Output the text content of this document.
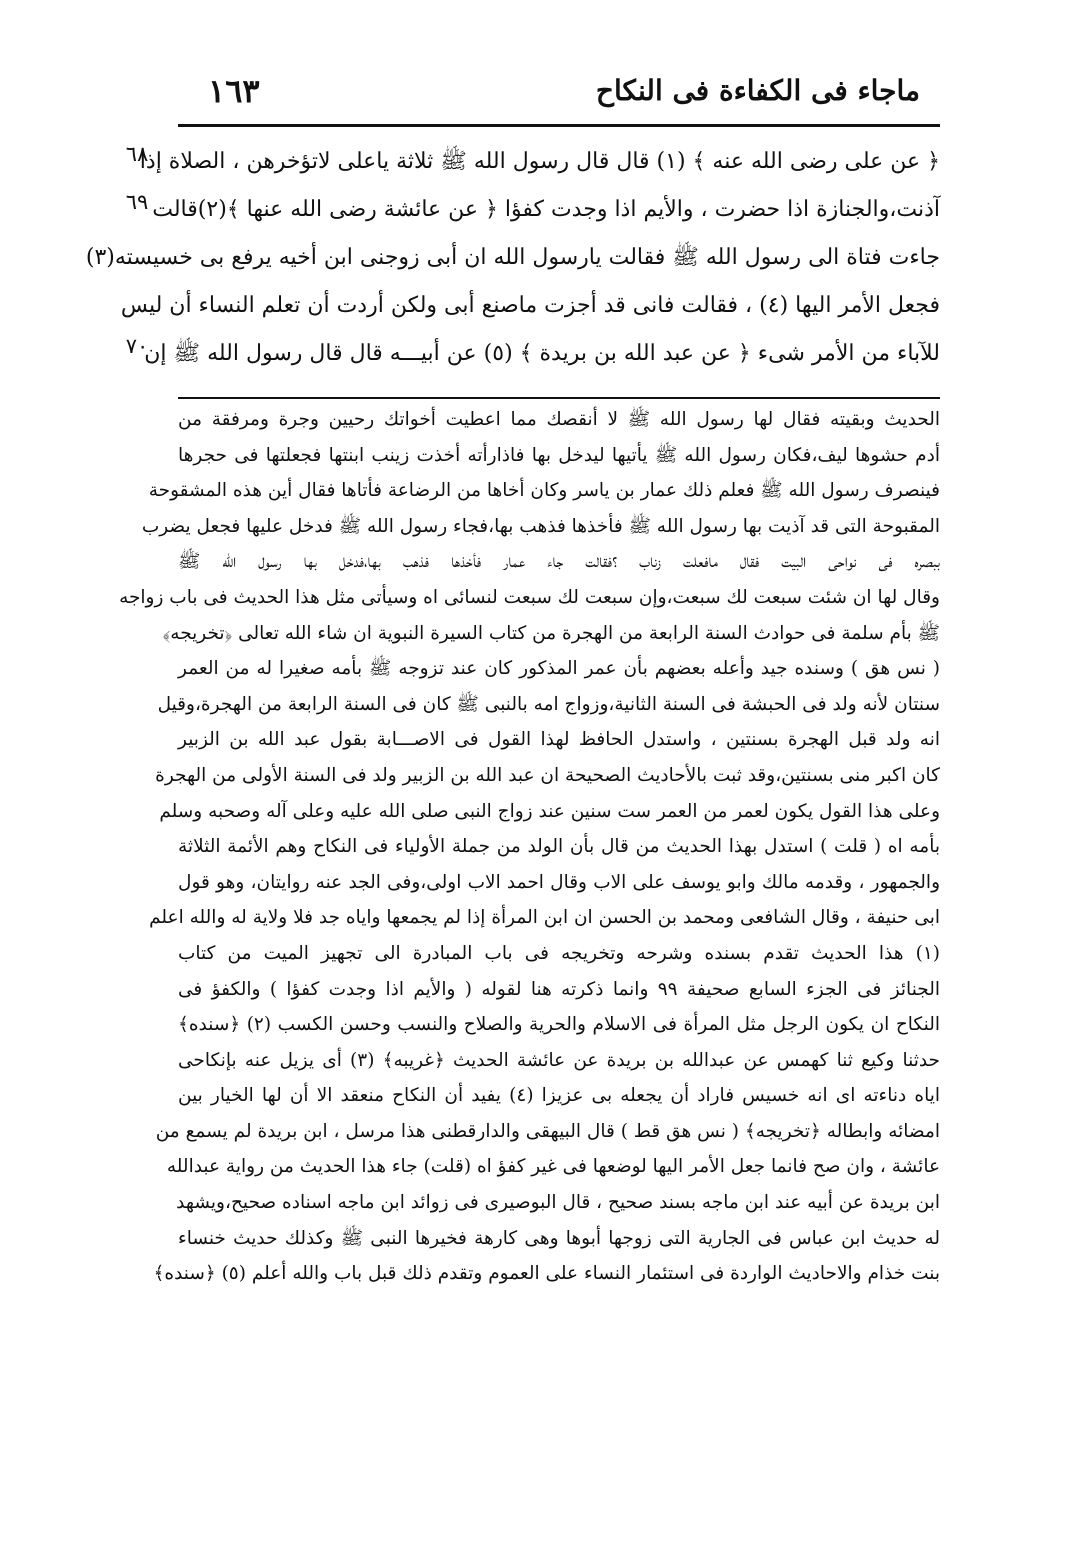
ماجاء فى الكفاءة فى النكاح
١٦٣
٦٨
٦٩
٧٠
﴿ عن على رضى الله عنه ﴾ (١) قال قال رسول الله ﷺ ثلاثة ياعلى لاتؤخرهن ، الصلاة إذا
آذنت،والجنازة اذا حضرت ، والأيم اذا وجدت كفؤا ﴿ عن عائشة رضى الله عنها ﴾(٢)قالت
جاءت فتاة الى رسول الله ﷺ فقالت يارسول الله ان أبى زوجنى ابن أخيه يرفع بى خسيسته(٣)
فجعل الأمر اليها (٤) ، فقالت فانى قد أجزت ماصنع أبى ولكن أردت أن تعلم النساء أن ليس
للآباء من الأمر شىء ﴿ عن عبد الله بن بريدة ﴾ (٥) عن أبيـــه قال قال رسول الله ﷺ إن
الحديث وبقيته فقال لها رسول الله ﷺ لا أنقصك مما اعطيت أخواتك رحيين وجرة ومرفقة من
أدم حشوها ليف،فكان رسول الله ﷺ يأتيها ليدخل بها فاذارأته أخذت زينب ابنتها فجعلتها فى حجرها
فينصرف رسول الله ﷺ فعلم ذلك عمار بن ياسر وكان أخاها من الرضاعة فأتاها فقال أين هذه المشقوحة
المقبوحة التى قد آذيت بها رسول الله ﷺ فأخذها فذهب بها،فجاء رسول الله ﷺ فدخل عليها فجعل يضرب
ببصره فى نواحى البيت فقال مافعلت زناب ؟فقالت جاء عمار فأخذها فذهب بها،فدخل بها رسول الله ﷺ
وقال لها ان شئت سبعت لك سبعت،وإن سبعت لك سبعت لنسائى اه وسيأتى مثل هذا الحديث فى باب زواجه
ﷺ بأم سلمة فى حوادث السنة الرابعة من الهجرة من كتاب السيرة النبوية ان شاء الله تعالى ﴿تخريجه﴾
( نس هق ) وسنده جيد وأعله بعضهم بأن عمر المذكور كان عند تزوجه ﷺ بأمه صغيرا له من العمر
سنتان لأنه ولد فى الحبشة فى السنة الثانية،وزواج امه بالنبى ﷺ كان فى السنة الرابعة من الهجرة،وقيل
انه ولد قبل الهجرة بسنتين ، واستدل الحافظ لهذا القول فى الاصـــابة بقول عبد الله بن الزبير
كان اكبر منى بسنتين،وقد ثبت بالأحاديث الصحيحة ان عبد الله بن الزبير ولد فى السنة الأولى من الهجرة
وعلى هذا القول يكون لعمر من العمر ست سنين عند زواج النبى صلى الله عليه وعلى آله وصحبه وسلم
بأمه اه ( قلت ) استدل بهذا الحديث من قال بأن الولد من جملة الأولياء فى النكاح وهم الأئمة الثلاثة
والجمهور ، وقدمه مالك وابو يوسف على الاب وقال احمد الاب اولى،وفى الجد عنه روايتان، وهو قول
ابى حنيفة ، وقال الشافعى ومحمد بن الحسن ان ابن المرأة إذا لم يجمعها واياه جد فلا ولاية له والله اعلم
(١) هذا الحديث تقدم بسنده وشرحه وتخريجه فى باب المبادرة الى تجهيز الميت من كتاب
الجنائز فى الجزء السابع صحيفة ٩٩ وانما ذكرته هنا لقوله ( والأيم اذا وجدت كفؤا ) والكفؤ فى
النكاح ان يكون الرجل مثل المرأة فى الاسلام والحرية والصلاح والنسب وحسن الكسب (٢) ﴿سنده﴾
حدثنا وكيع ثنا كهمس عن عبدالله بن بريدة عن عائشة الحديث ﴿غريبه﴾ (٣) أى يزيل عنه بإنكاحى
اياه دناءته اى انه خسيس فاراد أن يجعله بى عزيزا (٤) يفيد أن النكاح منعقد الا أن لها الخيار بين
امضائه وابطاله ﴿تخريجه﴾ ( نس هق قط ) قال البيهقى والدارقطنى هذا مرسل ، ابن بريدة لم يسمع من
عائشة ، وان صح فانما جعل الأمر اليها لوضعها فى غير كفؤ اه (قلت) جاء هذا الحديث من رواية عبدالله
ابن بريدة عن أبيه عند ابن ماجه بسند صحيح ، قال البوصيرى فى زوائد ابن ماجه اسناده صحيح،ويشهد
له حديث ابن عباس فى الجارية التى زوجها أبوها وهى كارهة فخيرها النبى ﷺ وكذلك حديث خنساء
بنت خذام والاحاديث الواردة فى استئمار النساء على العموم وتقدم ذلك قبل باب والله أعلم (٥) ﴿سنده﴾
